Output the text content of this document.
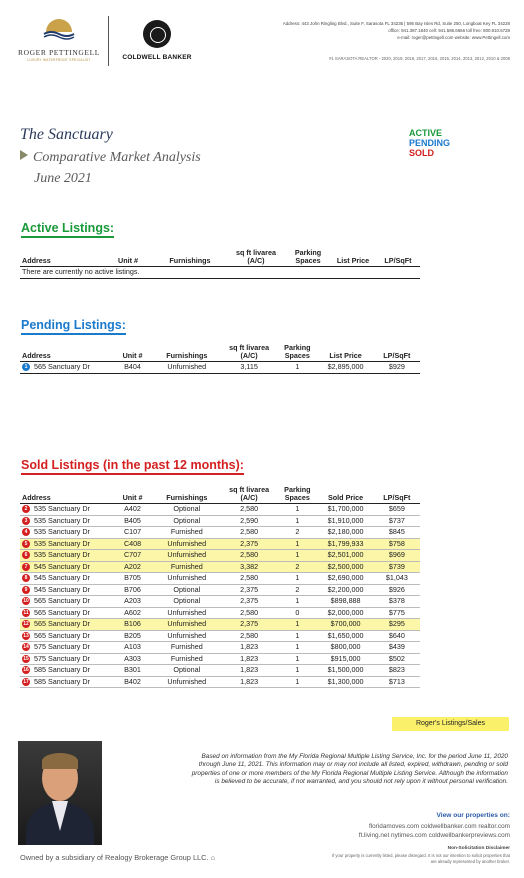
ROGER PETTINGELL
LUXURY WATERFRONT SPECIALIST	COLDWELL BANKER
Address: 443 John Ringling Blvd., Suite F, Sarasota FL 34236 | 595 Bay Isles Rd, Suite 250, Longboat Key FL 34228
office: 941.387.1840 cell: 941.586.6666 toll free: 800.910.6728
e-mail: roger@pettingell.com website: www.Pettingell.com
#1 SARASOTA REALTOR - 2020, 2019, 2018, 2017, 2016, 2015, 2014, 2013, 2012, 2010 & 2008
The Sanctuary
Comparative Market Analysis
June 2021
ACTIVE
PENDING
SOLD
Active Listings:
Address	Unit #	Furnishings	sq ft livarea (A/C)	Parking Spaces	List Price	LP/SqFt
There are currently no active listings.
Pending Listings:
Address	Unit #	Furnishings	sq ft livarea (A/C)	Parking Spaces	List Price	LP/SqFt
1 565 Sanctuary Dr	B404	Unfurnished	3,115	1	$2,895,000	$929
Sold Listings (in the past 12 months):
Address	Unit #	Furnishings	sq ft livarea (A/C)	Parking Spaces	Sold Price	LP/SqFt
2 535 Sanctuary Dr	A402	Optional	2,580	1	$1,700,000	$659
3 535 Sanctuary Dr	B405	Optional	2,590	1	$1,910,000	$737
4 535 Sanctuary Dr	C107	Furnished	2,580	2	$2,180,000	$845
5 535 Sanctuary Dr	C408	Unfurnished	2,375	1	$1,799,933	$758
6 535 Sanctuary Dr	C707	Unfurnished	2,580	1	$2,501,000	$969
7 545 Sanctuary Dr	A202	Furnished	3,382	2	$2,500,000	$739
8 545 Sanctuary Dr	B705	Unfurnished	2,580	1	$2,690,000	$1,043
9 545 Sanctuary Dr	B706	Optional	2,375	2	$2,200,000	$926
10 565 Sanctuary Dr	A203	Optional	2,375	1	$898,888	$378
11 565 Sanctuary Dr	A602	Unfurnished	2,580	0	$2,000,000	$775
12 565 Sanctuary Dr	B106	Unfurnished	2,375	1	$700,000	$295
13 565 Sanctuary Dr	B205	Unfurnished	2,580	1	$1,650,000	$640
14 575 Sanctuary Dr	A103	Furnished	1,823	1	$800,000	$439
15 575 Sanctuary Dr	A303	Furnished	1,823	1	$915,000	$502
16 585 Sanctuary Dr	B301	Optional	1,823	1	$1,500,000	$823
17 585 Sanctuary Dr	B402	Unfurnished	1,823	1	$1,300,000	$713
Roger's Listings/Sales
Based on information from the My Florida Regional Multiple Listing Service, Inc. for the period June 11, 2020 through June 11, 2021. This information may or may not include all listed, expired, withdrawn, pending or sold properties of one or more members of the My Florida Regional Multiple Listing Service. Although the information is believed to be accurate, if not warranted, and you should not rely upon it without personal verification.
View our properties on:
floridamoves.com coldwellbanker.com realtor.com
ft.living.net nytimes.com coldwellbankerpreviews.com
Non-Solicitation Disclaimer
If your property is currently listed, please disregard. It is not our intention to solicit properties that are already represented by another broker.
Owned by a subsidiary of Realogy Brokerage Group LLC. ⌂
